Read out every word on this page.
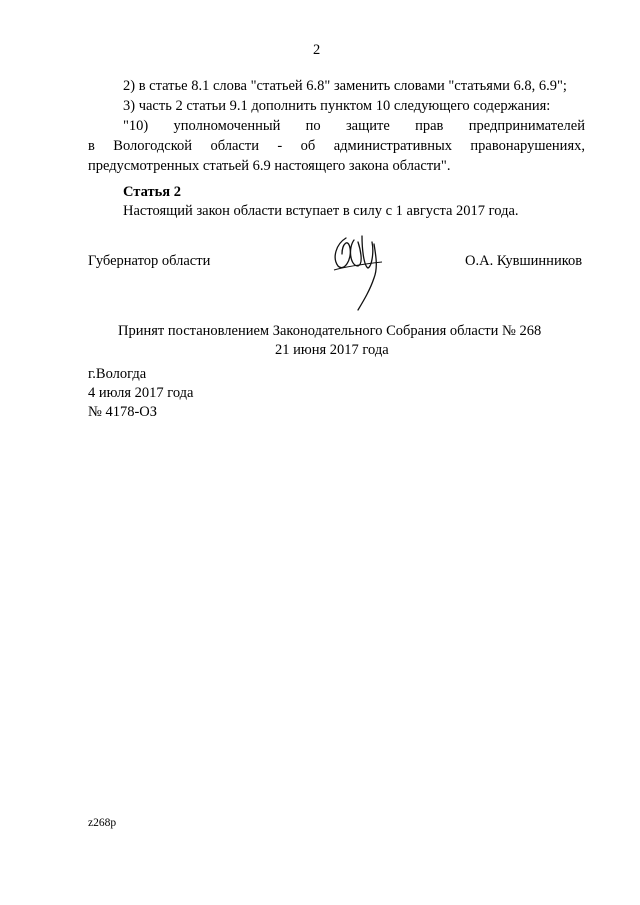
2
2) в статье 8.1 слова "статьей 6.8" заменить словами "статьями 6.8, 6.9";
3) часть 2 статьи 9.1 дополнить пунктом 10 следующего содержания:
"10) уполномоченный по защите прав предпринимателей
в Вологодской области - об административных правонарушениях,
предусмотренных статьей 6.9 настоящего закона области".
Статья 2
Настоящий закон области вступает в силу с 1 августа 2017 года.
Губернатор области	О.А. Кувшинников
Принят постановлением Законодательного Собрания области № 268
21 июня 2017 года
г.Вологда
4 июля 2017 года
№ 4178-ОЗ
z268p
